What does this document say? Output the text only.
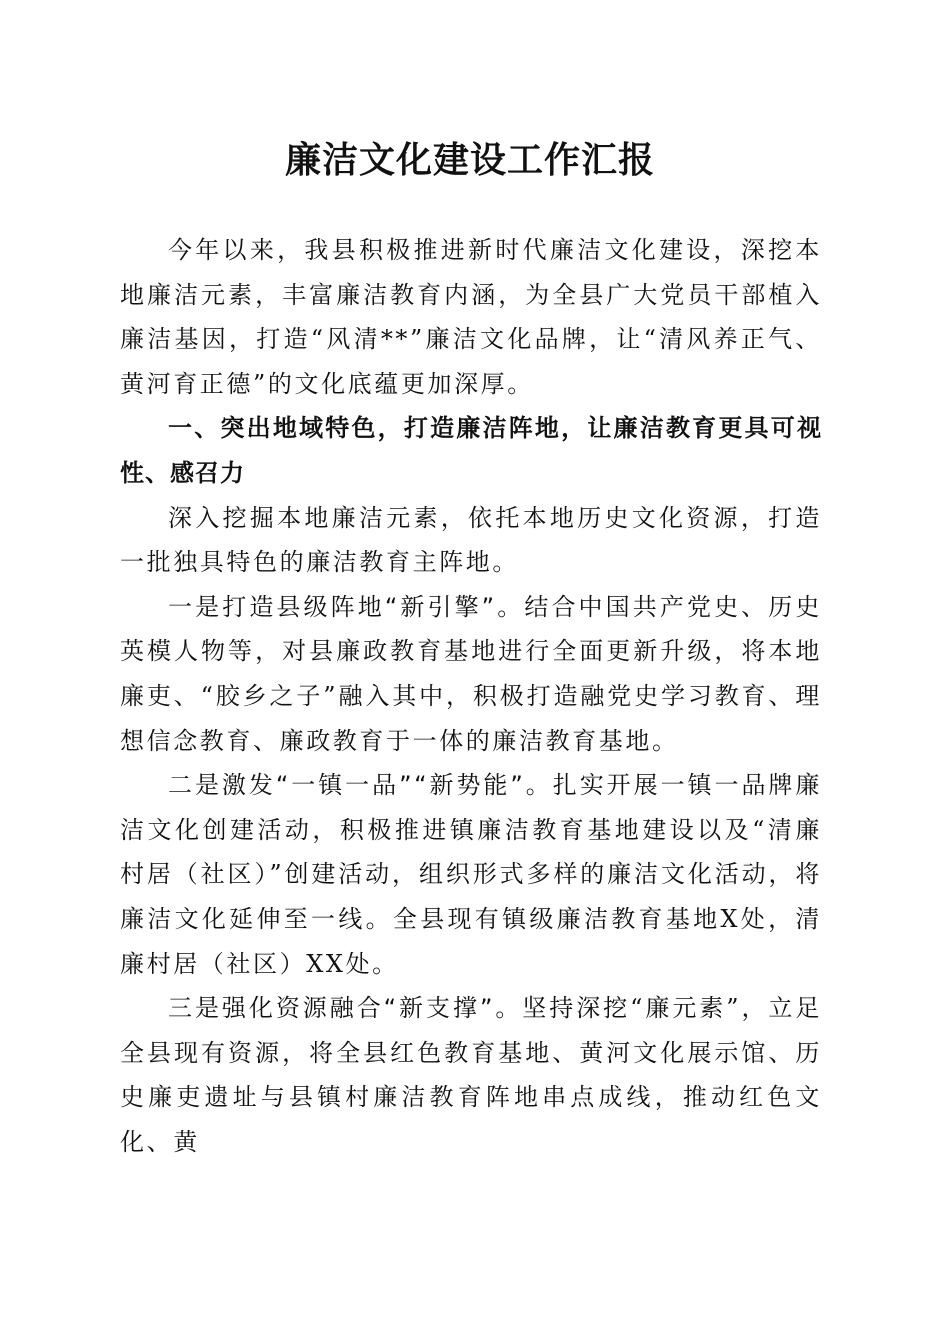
廉洁文化建设工作汇报

今年以来，我县积极推进新时代廉洁文化建设，深挖本地廉洁元素，丰富廉洁教育内涵，为全县广大党员干部植入廉洁基因，打造“风清**”廉洁文化品牌，让“清风养正气、黄河育正德”的文化底蕴更加深厚。

一、突出地域特色，打造廉洁阵地，让廉洁教育更具可视性、感召力

深入挖掘本地廉洁元素，依托本地历史文化资源，打造一批独具特色的廉洁教育主阵地。

一是打造县级阵地“新引擎”。结合中国共产党史、历史英模人物等，对县廉政教育基地进行全面更新升级，将本地廉吏、“胶乡之子”融入其中，积极打造融党史学习教育、理想信念教育、廉政教育于一体的廉洁教育基地。

二是激发“一镇一品”“新势能”。扎实开展一镇一品牌廉洁文化创建活动，积极推进镇廉洁教育基地建设以及“清廉村居（社区）”创建活动，组织形式多样的廉洁文化活动，将廉洁文化延伸至一线。全县现有镇级廉洁教育基地X处，清廉村居（社区）XX处。

三是强化资源融合“新支撑”。坚持深挖“廉元素”，立足全县现有资源，将全县红色教育基地、黄河文化展示馆、历史廉吏遗址与县镇村廉洁教育阵地串点成线，推动红色文化、黄
